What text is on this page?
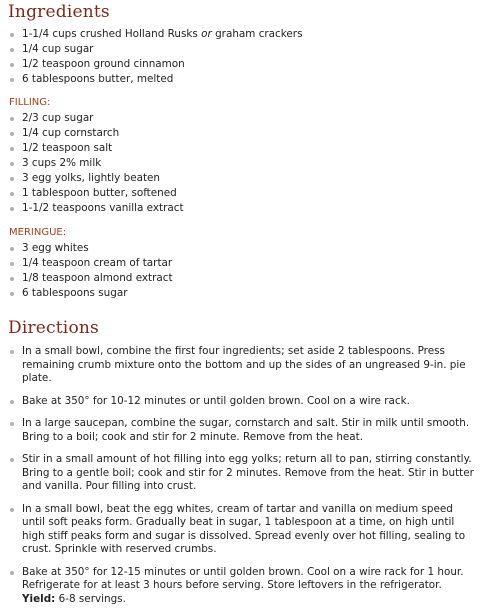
Ingredients
1-1/4 cups crushed Holland Rusks or graham crackers
1/4 cup sugar
1/2 teaspoon ground cinnamon
6 tablespoons butter, melted
FILLING:
2/3 cup sugar
1/4 cup cornstarch
1/2 teaspoon salt
3 cups 2% milk
3 egg yolks, lightly beaten
1 tablespoon butter, softened
1-1/2 teaspoons vanilla extract
MERINGUE:
3 egg whites
1/4 teaspoon cream of tartar
1/8 teaspoon almond extract
6 tablespoons sugar
Directions
In a small bowl, combine the first four ingredients; set aside 2 tablespoons. Press remaining crumb mixture onto the bottom and up the sides of an ungreased 9-in. pie plate.
Bake at 350° for 10-12 minutes or until golden brown. Cool on a wire rack.
In a large saucepan, combine the sugar, cornstarch and salt. Stir in milk until smooth. Bring to a boil; cook and stir for 2 minute. Remove from the heat.
Stir in a small amount of hot filling into egg yolks; return all to pan, stirring constantly. Bring to a gentle boil; cook and stir for 2 minutes. Remove from the heat. Stir in butter and vanilla. Pour filling into crust.
In a small bowl, beat the egg whites, cream of tartar and vanilla on medium speed until soft peaks form. Gradually beat in sugar, 1 tablespoon at a time, on high until high stiff peaks form and sugar is dissolved. Spread evenly over hot filling, sealing to crust. Sprinkle with reserved crumbs.
Bake at 350° for 12-15 minutes or until golden brown. Cool on a wire rack for 1 hour. Refrigerate for at least 3 hours before serving. Store leftovers in the refrigerator. Yield: 6-8 servings.
